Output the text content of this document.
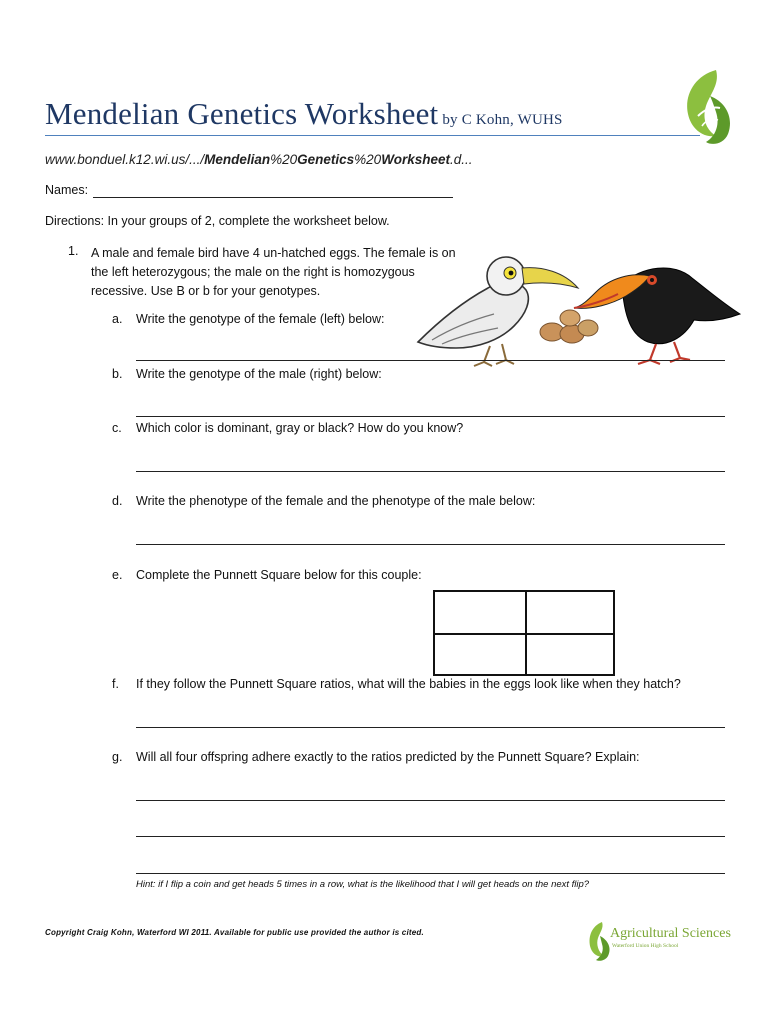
Mendelian Genetics Worksheet by C Kohn, WUHS
www.bonduel.k12.wi.us/.../Mendelian%20Genetics%20Worksheet.d...
Names:
Directions: In your groups of 2, complete the worksheet below.
1. A male and female bird have 4 un-hatched eggs. The female is on the left heterozygous; the male on the right is homozygous recessive. Use B or b for your genotypes.
a. Write the genotype of the female (left) below:
b. Write the genotype of the male (right) below:
c. Which color is dominant, gray or black? How do you know?
d. Write the phenotype of the female and the phenotype of the male below:
e. Complete the Punnett Square below for this couple:
f. If they follow the Punnett Square ratios, what will the babies in the eggs look like when they hatch?
g. Will all four offspring adhere exactly to the ratios predicted by the Punnett Square? Explain:
Hint: if I flip a coin and get heads 5 times in a row, what is the likelihood that I will get heads on the next flip?
Copyright Craig Kohn, Waterford WI 2011. Available for public use provided the author is cited.	Agricultural Sciences
Waterford Union High School
